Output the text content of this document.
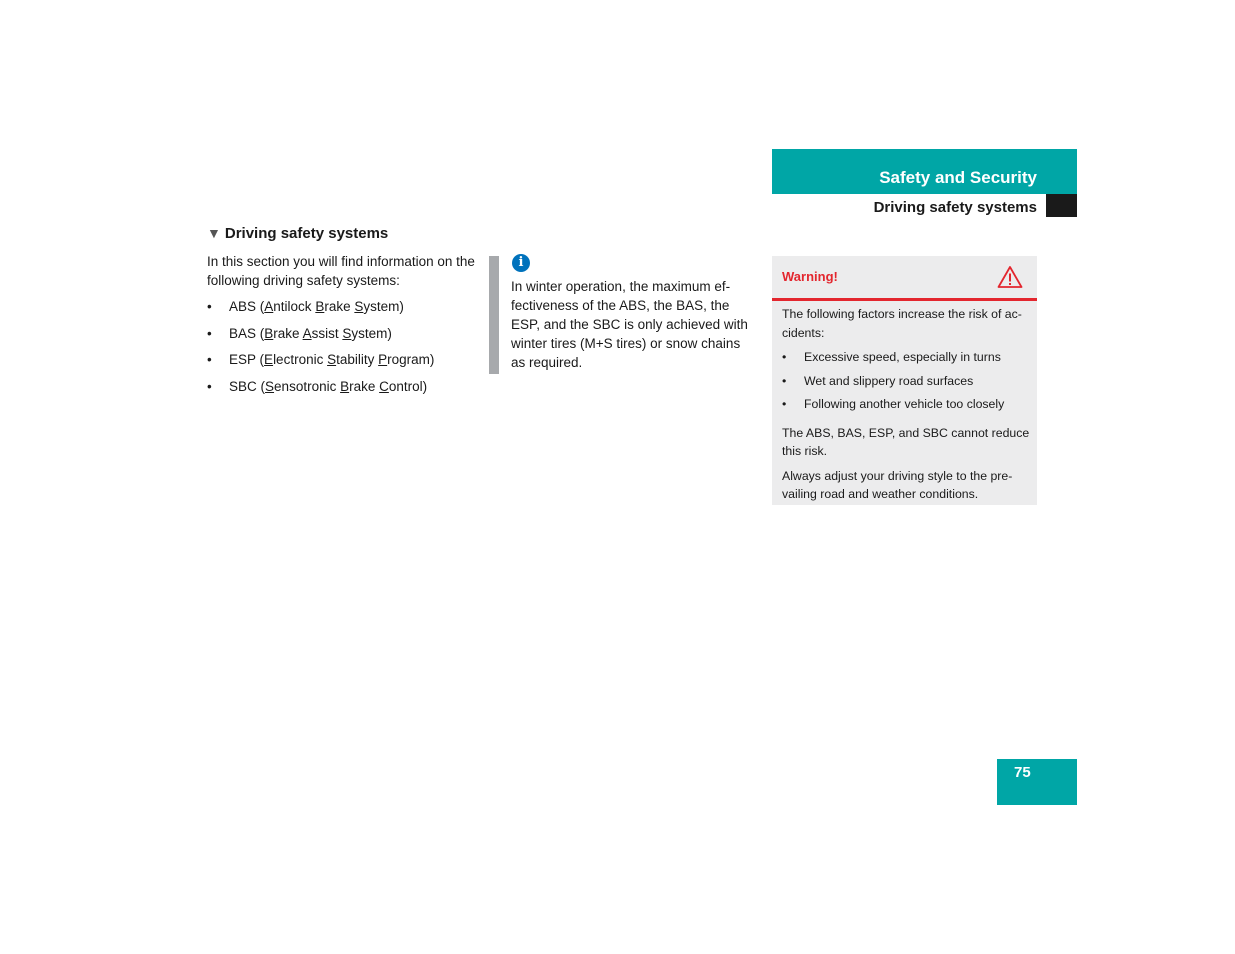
Safety and Security
Driving safety systems
▼ Driving safety systems
In this section you will find information on the following driving safety systems:
• ABS (Antilock Brake System)
• BAS (Brake Assist System)
• ESP (Electronic Stability Program)
• SBC (Sensotronic Brake Control)
i
In winter operation, the maximum ef-fectiveness of the ABS, the BAS, the ESP, and the SBC is only achieved with winter tires (M+S tires) or snow chains as required.
Warning!

The following factors increase the risk of ac-cidents:

• Excessive speed, especially in turns
• Wet and slippery road surfaces
• Following another vehicle too closely

The ABS, BAS, ESP, and SBC cannot reduce this risk.

Always adjust your driving style to the pre-vailing road and weather conditions.

75
